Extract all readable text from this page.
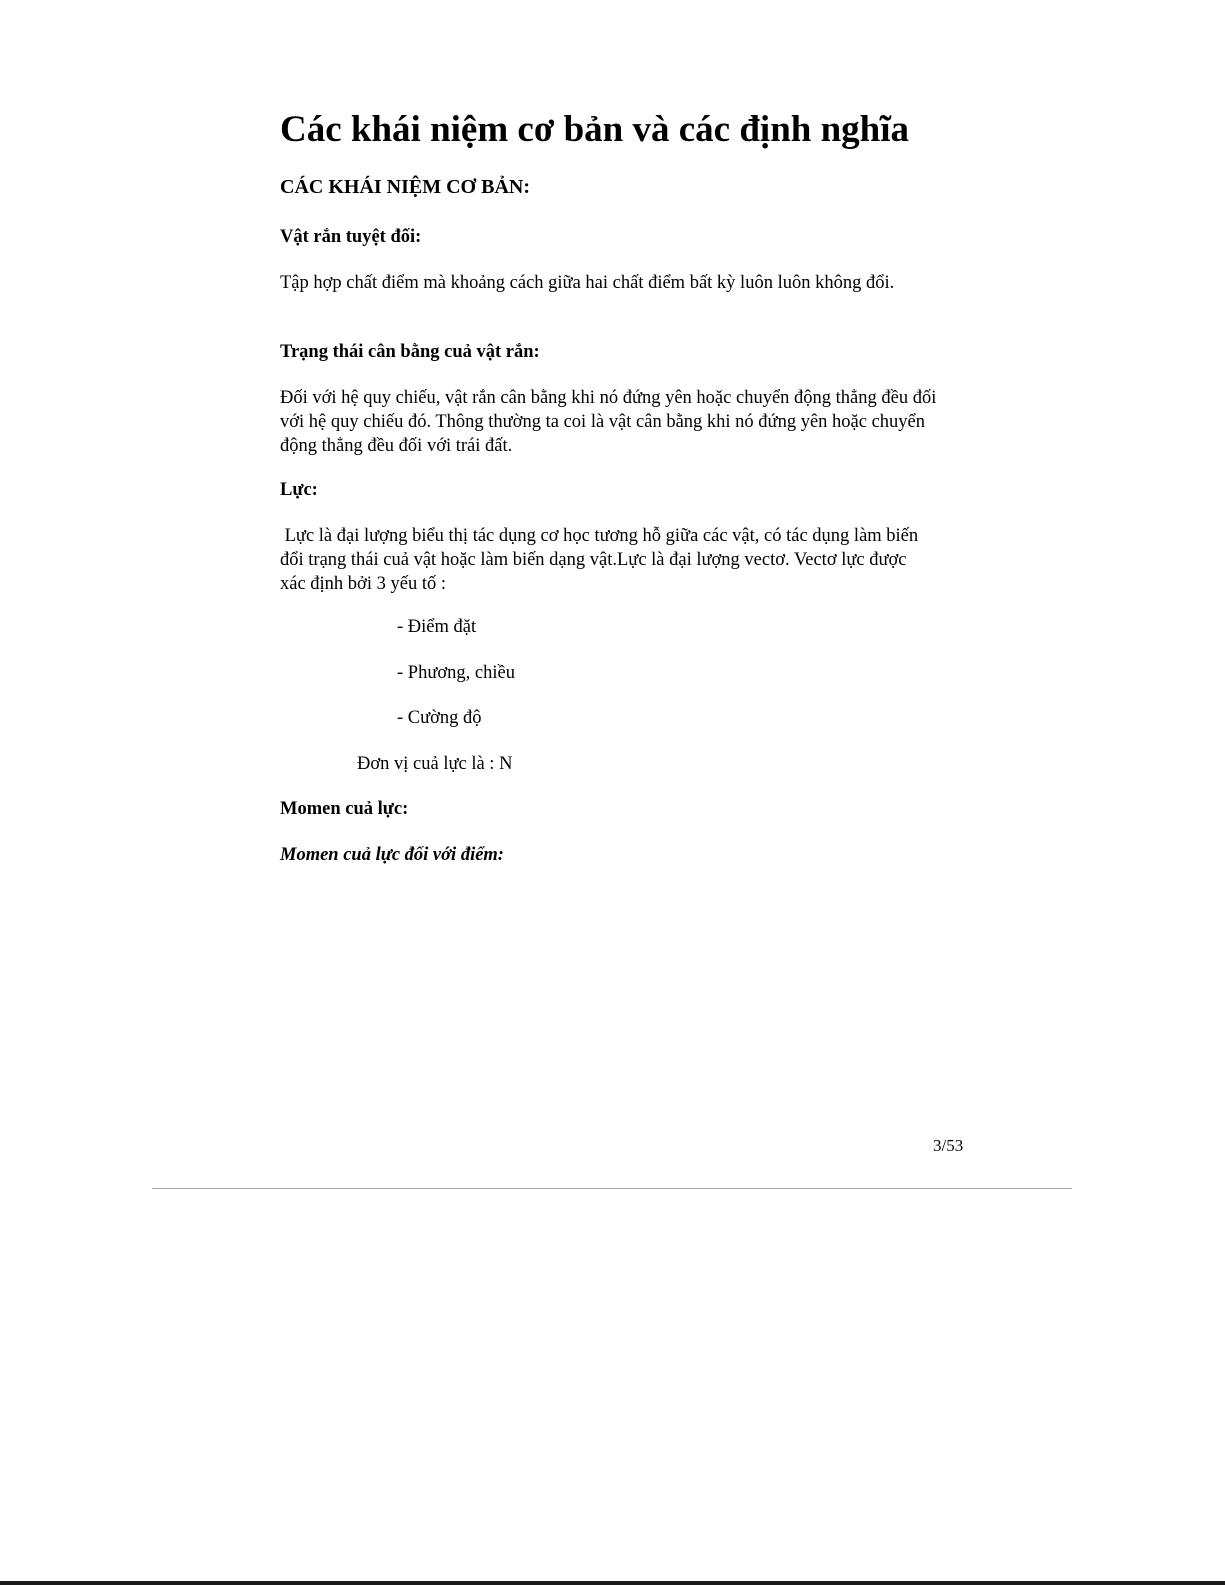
Các khái niệm cơ bản và các định nghĩa
CÁC KHÁI NIỆM CƠ BẢN:
Vật rắn tuyệt đối:

Tập hợp chất điểm mà khoảng cách giữa hai chất điểm bất kỳ luôn luôn không đổi.

Trạng thái cân bằng cuả vật rắn:
Đối với hệ quy chiếu, vật rắn cân bằng khi nó đứng yên hoặc chuyển động thẳng đều đối
với hệ quy chiếu đó. Thông thường ta coi là vật cân bằng khi nó đứng yên hoặc chuyển
động thẳng đều đối với trái đất.
Lực:
Lực là đại lượng biểu thị tác dụng cơ học tương hỗ giữa các vật, có tác dụng làm biến
đổi trạng thái cuả vật hoặc làm biến dạng vật.Lực là đại lượng vectơ. Vectơ lực được
xác định bởi 3 yếu tố :
- Điểm đặt
- Phương, chiều
- Cường độ
Đơn vị cuả lực là : N
Momen cuả lực:
Momen cuả lực đối với điểm:
3/53
